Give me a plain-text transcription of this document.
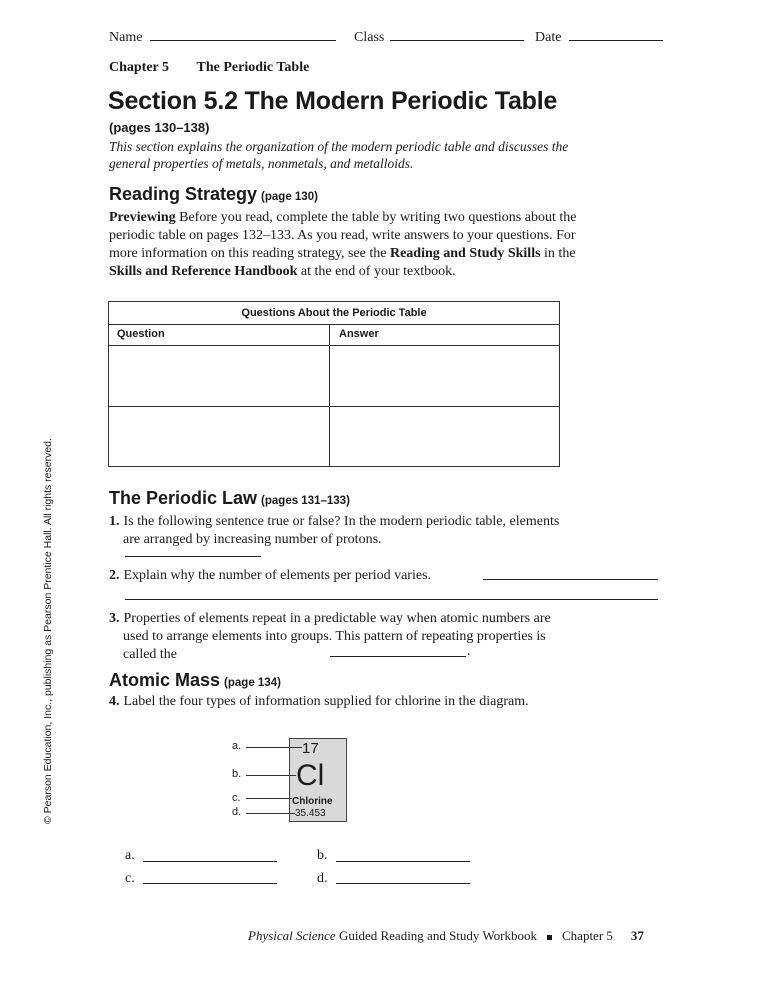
Name	Class	Date
Chapter 5 The Periodic Table
Section 5.2 The Modern Periodic Table
(pages 130–138)
This section explains the organization of the modern periodic table and discusses the general properties of metals, nonmetals, and metalloids.
Reading Strategy (page 130)
Previewing Before you read, complete the table by writing two questions about the periodic table on pages 132–133. As you read, write answers to your questions. For more information on this reading strategy, see the Reading and Study Skills in the Skills and Reference Handbook at the end of your textbook.
Questions About the Periodic Table
Question	Answer
The Periodic Law (pages 131–133)
1. Is the following sentence true or false? In the modern periodic table, elements are arranged by increasing number of protons.
2. Explain why the number of elements per period varies.
3. Properties of elements repeat in a predictable way when atomic numbers are used to arrange elements into groups. This pattern of repeating properties is called the	.
Atomic Mass (page 134)
4. Label the four types of information supplied for chlorine in the diagram.
17
Cl
Chlorine
35.453
a.
b.
c.
d.
a.	b.
c.	d.
© Pearson Education, Inc., publishing as Pearson Prentice Hall. All rights reserved.
Physical Science Guided Reading and Study Workbook Chapter 5 37
